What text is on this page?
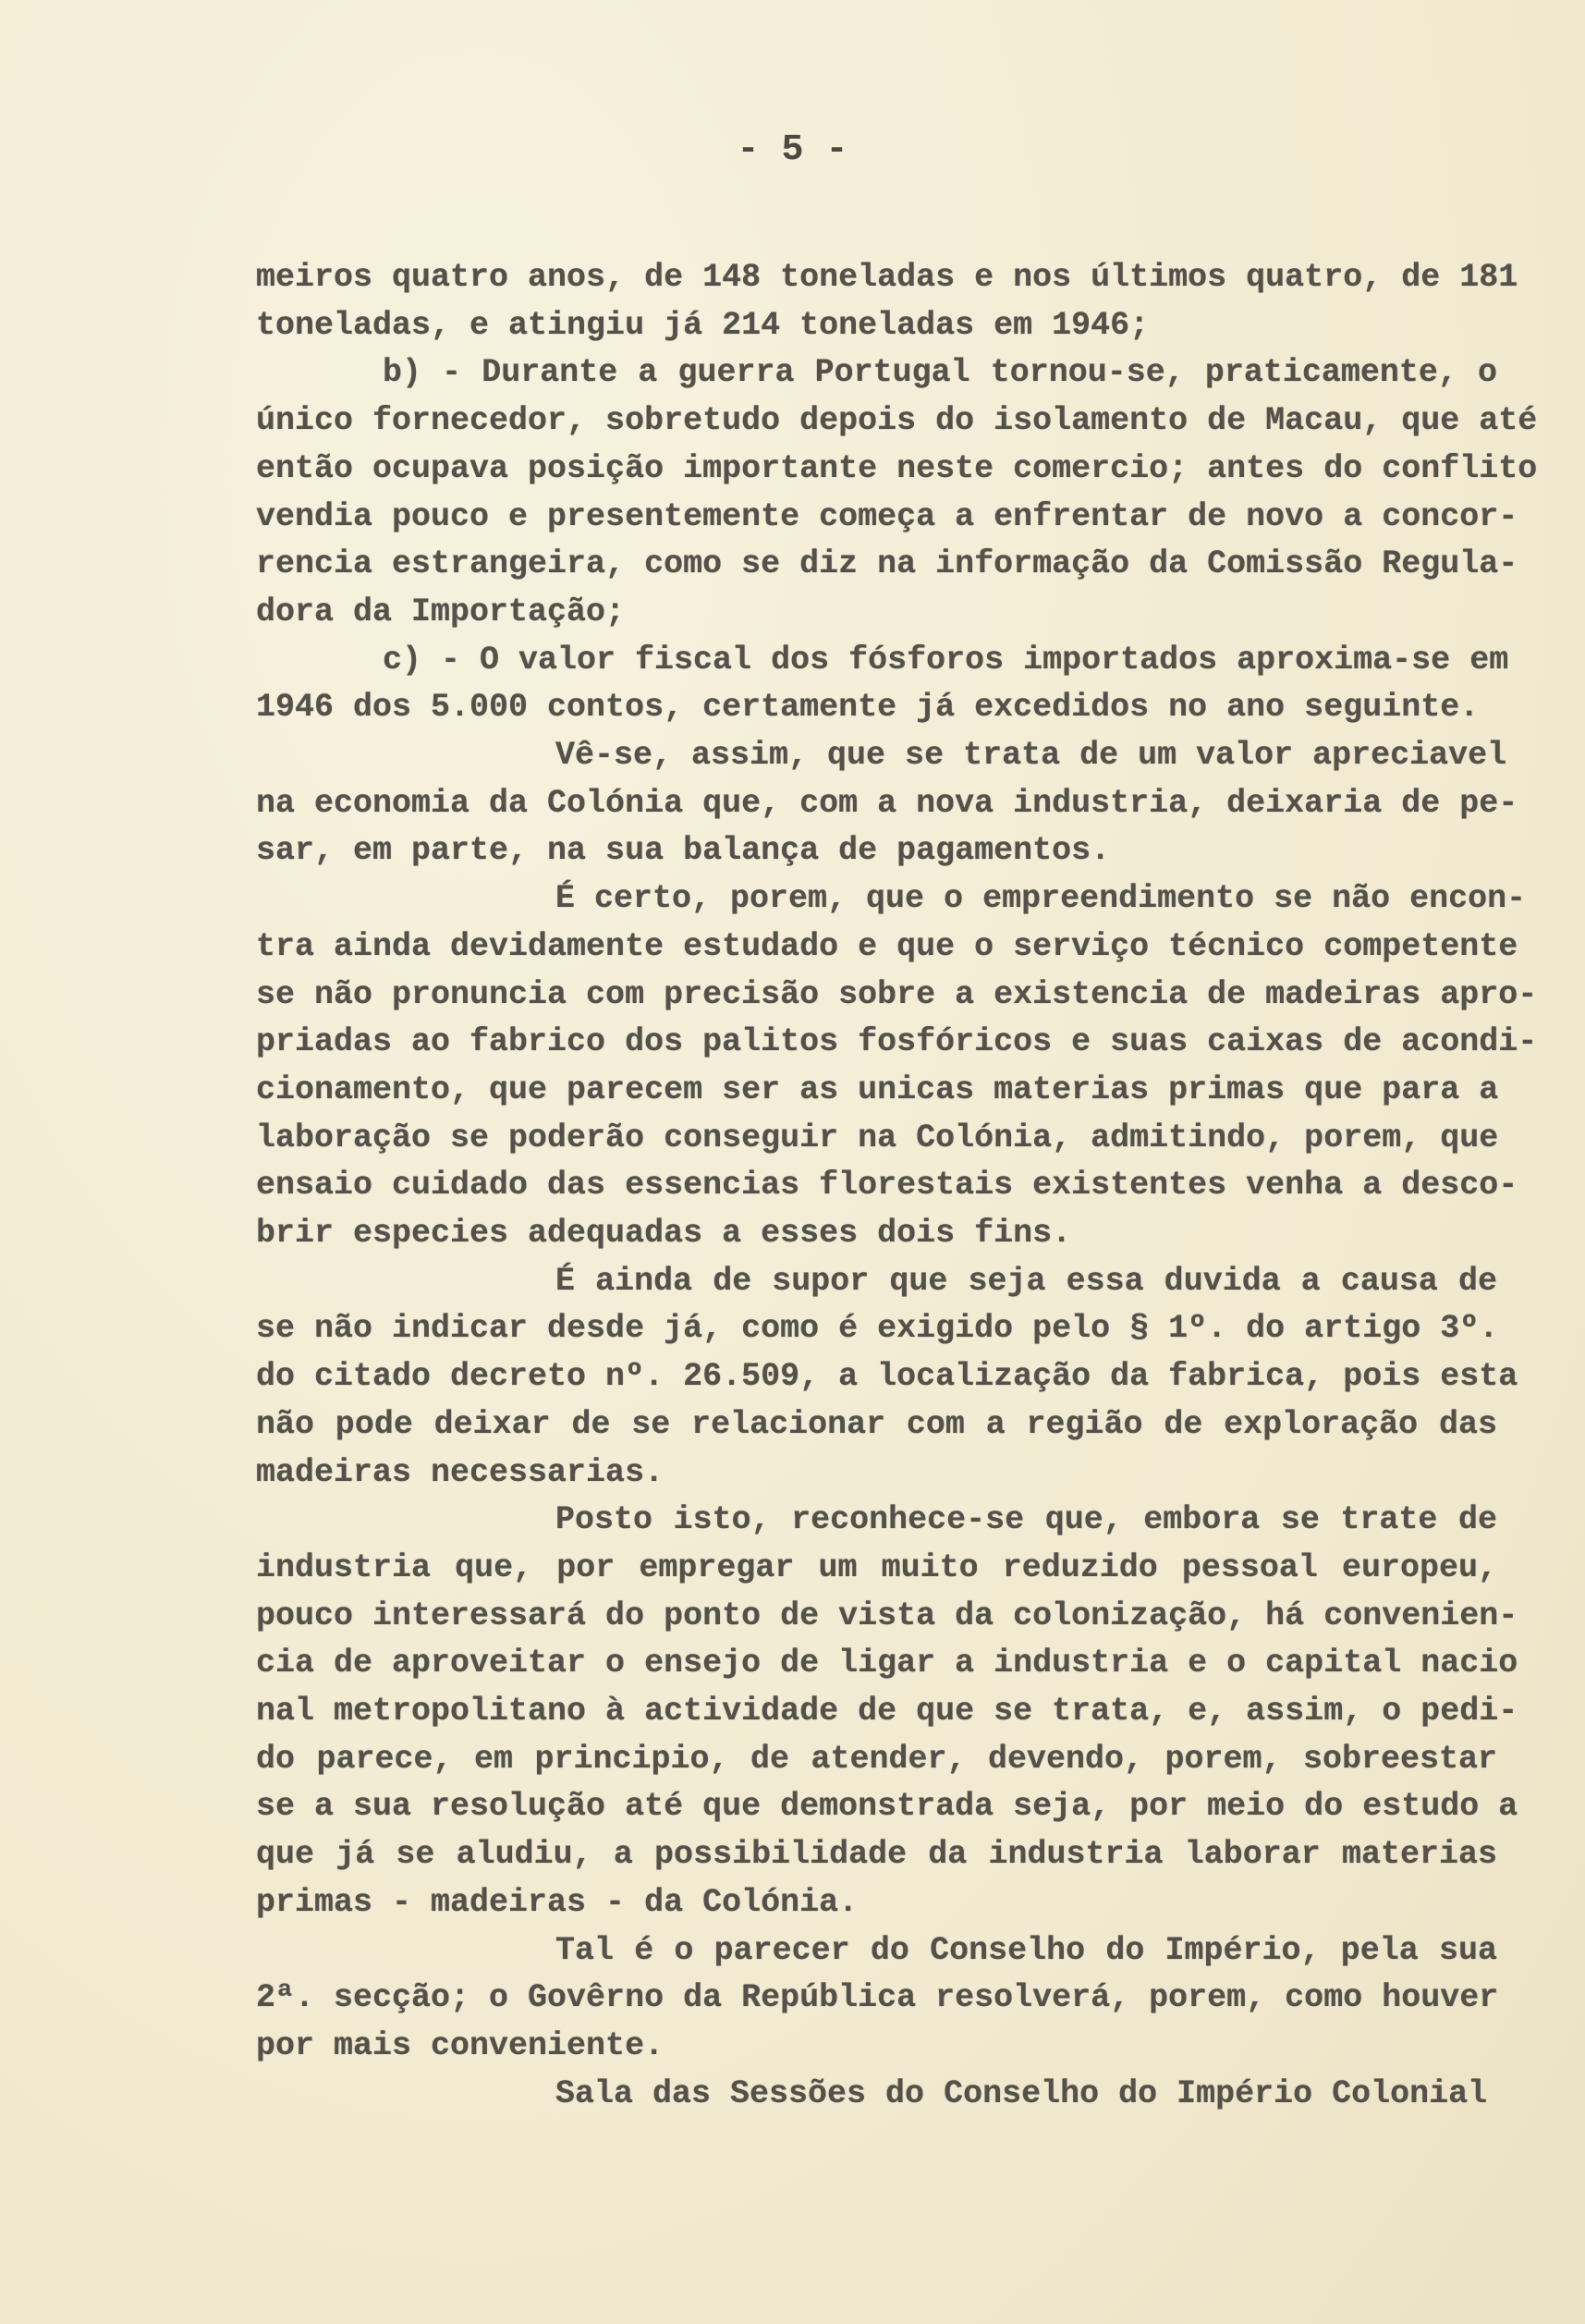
- 5 -
meiros quatro anos, de 148 toneladas e nos últimos quatro, de 181
toneladas, e atingiu já 214 toneladas em 1946;
b) - Durante a guerra Portugal tornou-se, praticamente, o
único fornecedor, sobretudo depois do isolamento de Macau, que até
então ocupava posição importante neste comercio; antes do conflito
vendia pouco e presentemente começa a enfrentar de novo a concor-
rencia estrangeira, como se diz na informação da Comissão Regula-
dora da Importação;
c) - O valor fiscal dos fósforos importados aproxima-se em
1946 dos 5.000 contos, certamente já excedidos no ano seguinte.
Vê-se, assim, que se trata de um valor apreciavel
na economia da Colónia que, com a nova industria, deixaria de pe-
sar, em parte, na sua balança de pagamentos.
É certo, porem, que o empreendimento se não encon-
tra ainda devidamente estudado e que o serviço técnico competente
se não pronuncia com precisão sobre a existencia de madeiras apro-
priadas ao fabrico dos palitos fosfóricos e suas caixas de acondi-
cionamento, que parecem ser as unicas materias primas que para a
laboração se poderão conseguir na Colónia, admitindo, porem, que
ensaio cuidado das essencias florestais existentes venha a desco-
brir especies adequadas a esses dois fins.
É ainda de supor que seja essa duvida a causa de
se não indicar desde já, como é exigido pelo § 1º. do artigo 3º.
do citado decreto nº. 26.509, a localização da fabrica, pois esta
não pode deixar de se relacionar com a região de exploração das
madeiras necessarias.
Posto isto, reconhece-se que, embora se trate de
industria que, por empregar um muito reduzido pessoal europeu,
pouco interessará do ponto de vista da colonização, há convenien-
cia de aproveitar o ensejo de ligar a industria e o capital nacio
nal metropolitano à actividade de que se trata, e, assim, o pedi-
do parece, em principio, de atender, devendo, porem, sobreestar
se a sua resolução até que demonstrada seja, por meio do estudo a
que já se aludiu, a possibilidade da industria laborar materias
primas - madeiras - da Colónia.
Tal é o parecer do Conselho do Império, pela sua
2ª. secção; o Govêrno da República resolverá, porem, como houver
por mais conveniente.
Sala das Sessões do Conselho do Império Colonial
